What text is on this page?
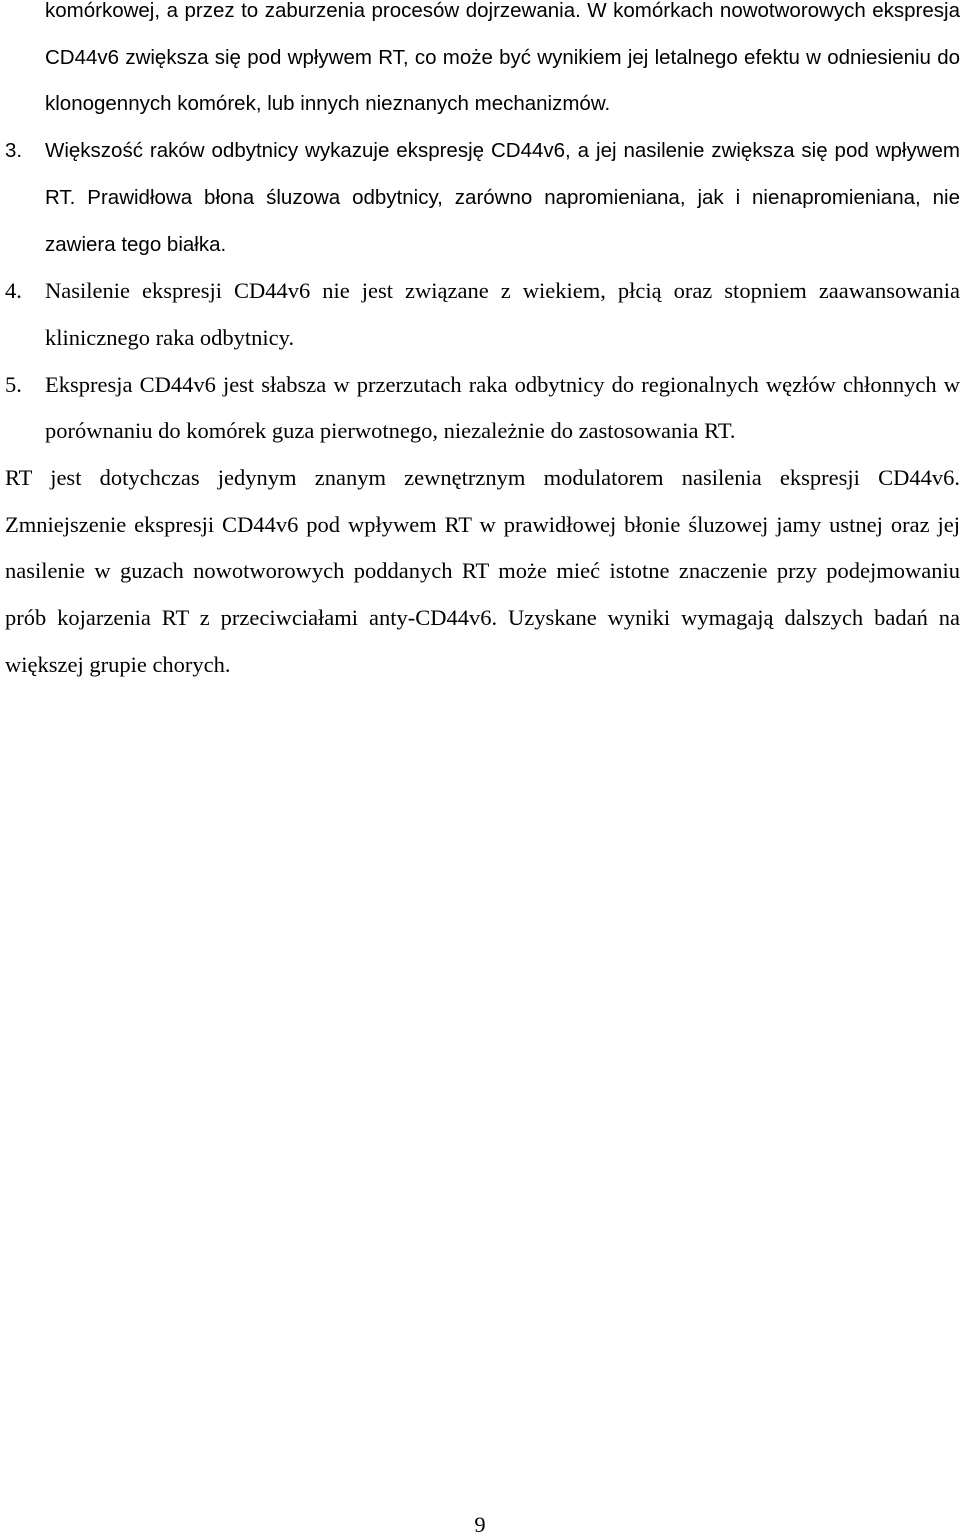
komórkowej, a przez to zaburzenia procesów dojrzewania. W komórkach nowotworowych ekspresja CD44v6 zwiększa się pod wpływem RT, co może być wynikiem jej letalnego efektu w odniesieniu do klonogennych komórek, lub innych nieznanych mechanizmów.

3. Większość raków odbytnicy wykazuje ekspresję CD44v6, a jej nasilenie zwiększa się pod wpływem RT. Prawidłowa błona śluzowa odbytnicy, zarówno napromieniana, jak i nienapromieniana, nie zawiera tego białka.

4. Nasilenie ekspresji CD44v6 nie jest związane z wiekiem, płcią oraz stopniem zaawansowania klinicznego raka odbytnicy.

5. Ekspresja CD44v6 jest słabsza w przerzutach raka odbytnicy do regionalnych węzłów chłonnych w porównaniu do komórek guza pierwotnego, niezależnie do zastosowania RT.

RT jest dotychczas jedynym znanym zewnętrznym modulatorem nasilenia ekspresji CD44v6. Zmniejszenie ekspresji CD44v6 pod wpływem RT w prawidłowej błonie śluzowej jamy ustnej oraz jej nasilenie w guzach nowotworowych poddanych RT może mieć istotne znaczenie przy podejmowaniu prób kojarzenia RT z przeciwciałami anty-CD44v6. Uzyskane wyniki wymagają dalszych badań na większej grupie chorych.

9
